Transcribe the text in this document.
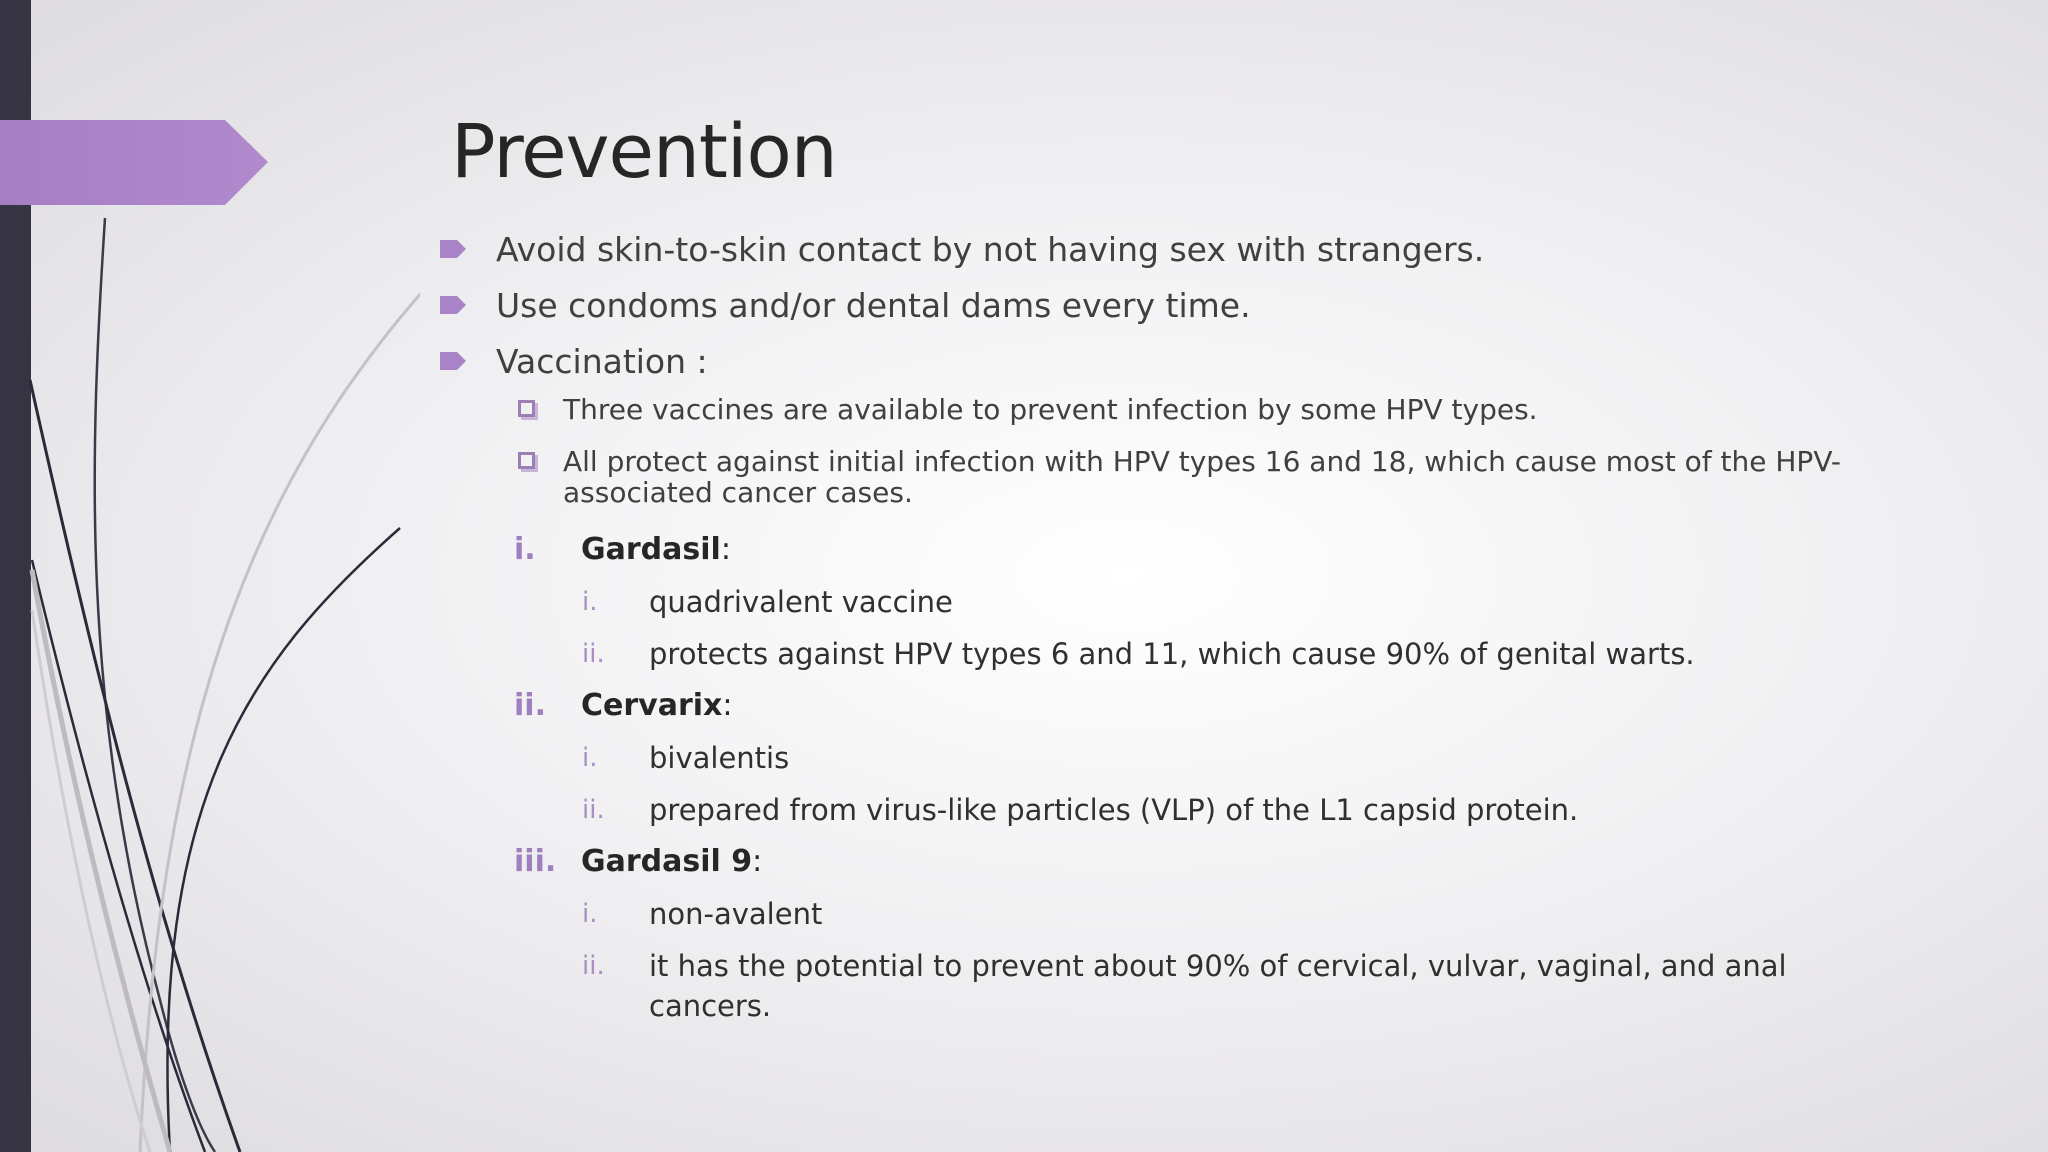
Prevention
Avoid skin-to-skin contact by not having sex with strangers.
Use condoms and/or dental dams every time.
Vaccination :
Three vaccines are available to prevent infection by some HPV types.
All protect against initial infection with HPV types 16 and 18, which cause most of the HPV-associated cancer cases.
i. Gardasil:
i. quadrivalent vaccine
ii. protects against HPV types 6 and 11, which cause 90% of genital warts.
ii. Cervarix:
i. bivalentis
ii. prepared from virus-like particles (VLP) of the L1 capsid protein.
iii. Gardasil 9:
i. non-avalent
ii. it has the potential to prevent about 90% of cervical, vulvar, vaginal, and anal cancers.
